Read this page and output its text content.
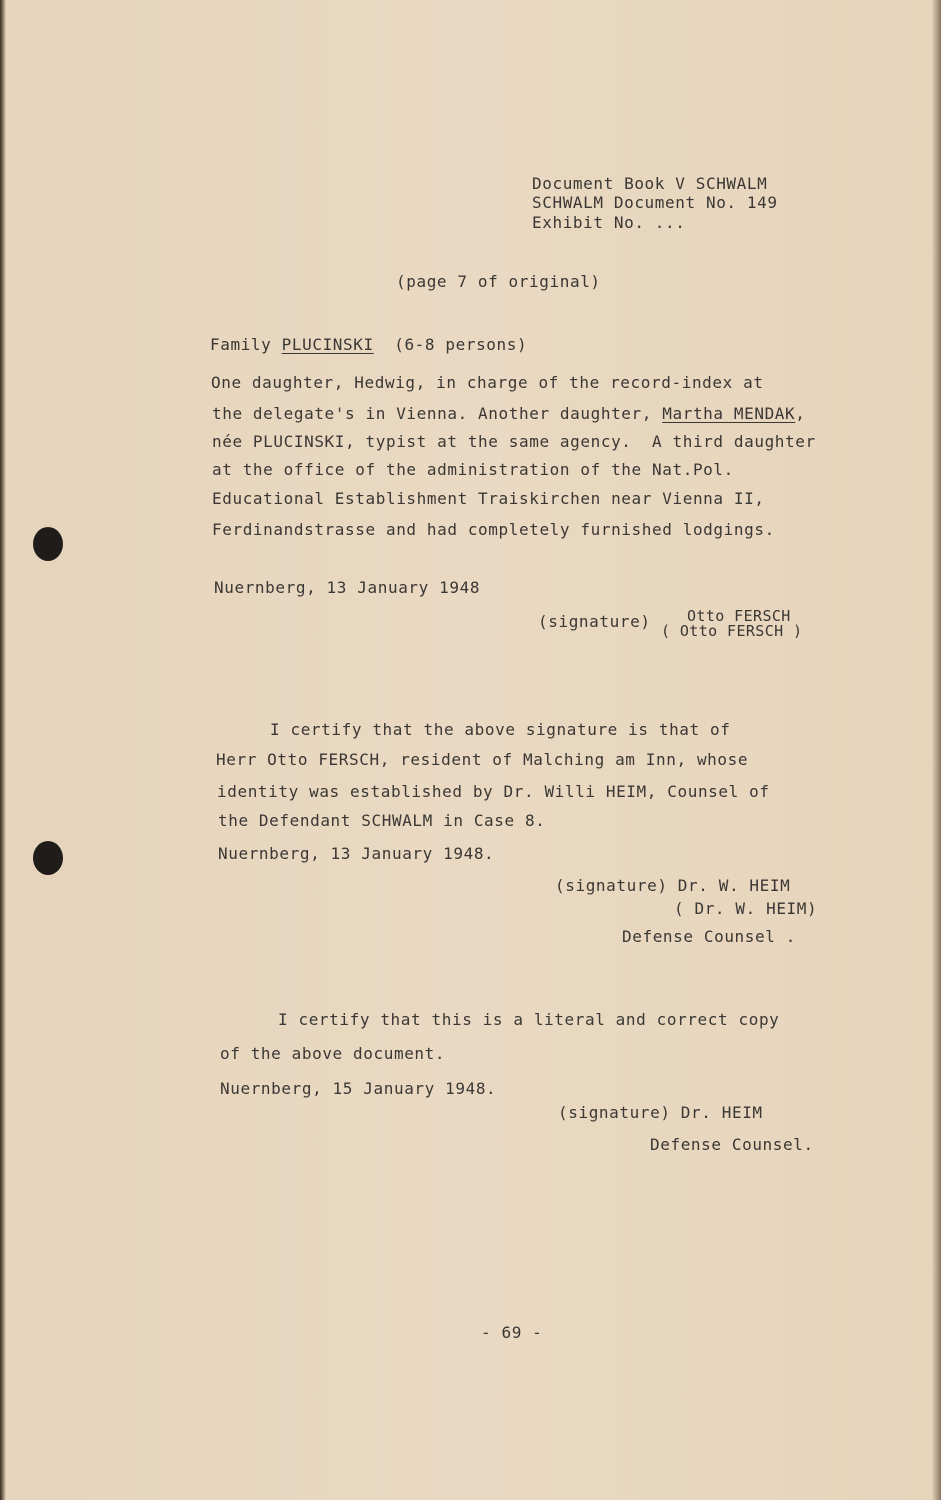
Document Book V SCHWALM
SCHWALM Document No. 149
Exhibit No. ...
(page 7 of original)
Family PLUCINSKI  (6-8 persons)
One daughter, Hedwig, in charge of the record-index at
the delegate's in Vienna. Another daughter, Martha MENDAK,
née PLUCINSKI, typist at the same agency.  A third daughter
at the office of the administration of the Nat.Pol.
Educational Establishment Traiskirchen near Vienna II,
Ferdinandstrasse and had completely furnished lodgings.
Nuernberg, 13 January 1948
(signature) Otto FERSCH
( Otto FERSCH )
I certify that the above signature is that of
Herr Otto FERSCH, resident of Malching am Inn, whose
identity was established by Dr. Willi HEIM, Counsel of
the Defendant SCHWALM in Case 8.
Nuernberg, 13 January 1948.
(signature) Dr. W. HEIM
( Dr. W. HEIM)
Defense Counsel .
I certify that this is a literal and correct copy
of the above document.
Nuernberg, 15 January 1948.
(signature) Dr. HEIM
Defense Counsel.
- 69 -
